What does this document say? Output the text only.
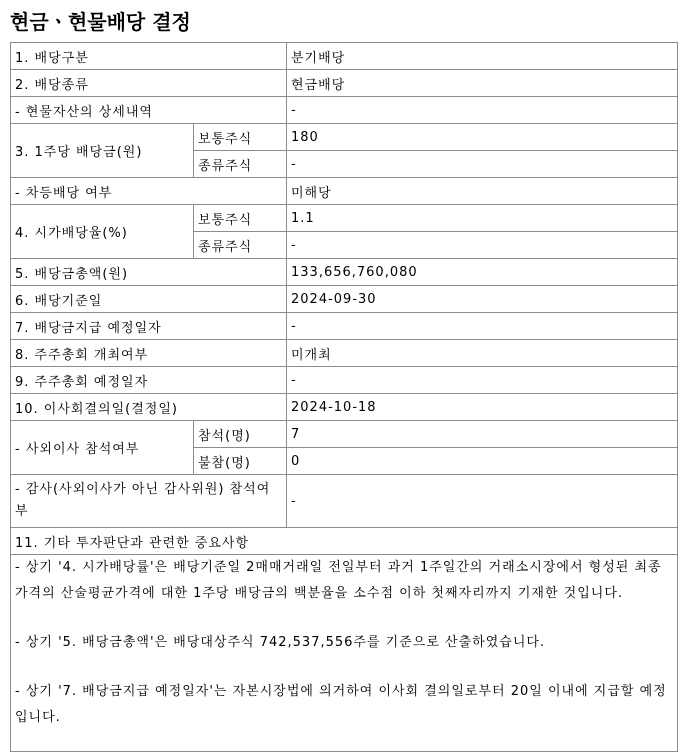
현금ㆍ현물배당 결정
1. 배당구분		분기배당
2. 배당종류		현금배당
- 현물자산의 상세내역		-
3. 1주당 배당금(원)	보통주식	180
	종류주식	-
- 차등배당 여부		미해당
4. 시가배당율(%)	보통주식	1.1
	종류주식	-
5. 배당금총액(원)		133,656,760,080
6. 배당기준일		2024-09-30
7. 배당금지급 예정일자		-
8. 주주총회 개최여부		미개최
9. 주주총회 예정일자		-
10. 이사회결의일(결정일)		2024-10-18
- 사외이사 참석여부	참석(명)	7
	불참(명)	0
- 감사(사외이사가 아닌 감사위원) 참석여부		-
11. 기타 투자판단과 관련한 중요사항		

- 상기 '4. 시가배당률'은 배당기준일 2매매거래일 전일부터 과거 1주일간의 거래소시장에서 형성된 최종가격의 산술평균가격에 대한 1주당 배당금의 백분율을 소수점 이하 첫째자리까지 기재한 것입니다.

- 상기 '5. 배당금총액'은 배당대상주식 742,537,556주를 기준으로 산출하였습니다.

- 상기 '7. 배당금지급 예정일자'는 자본시장법에 의거하여 이사회 결의일로부터 20일 이내에 지급할 예정입니다.		
